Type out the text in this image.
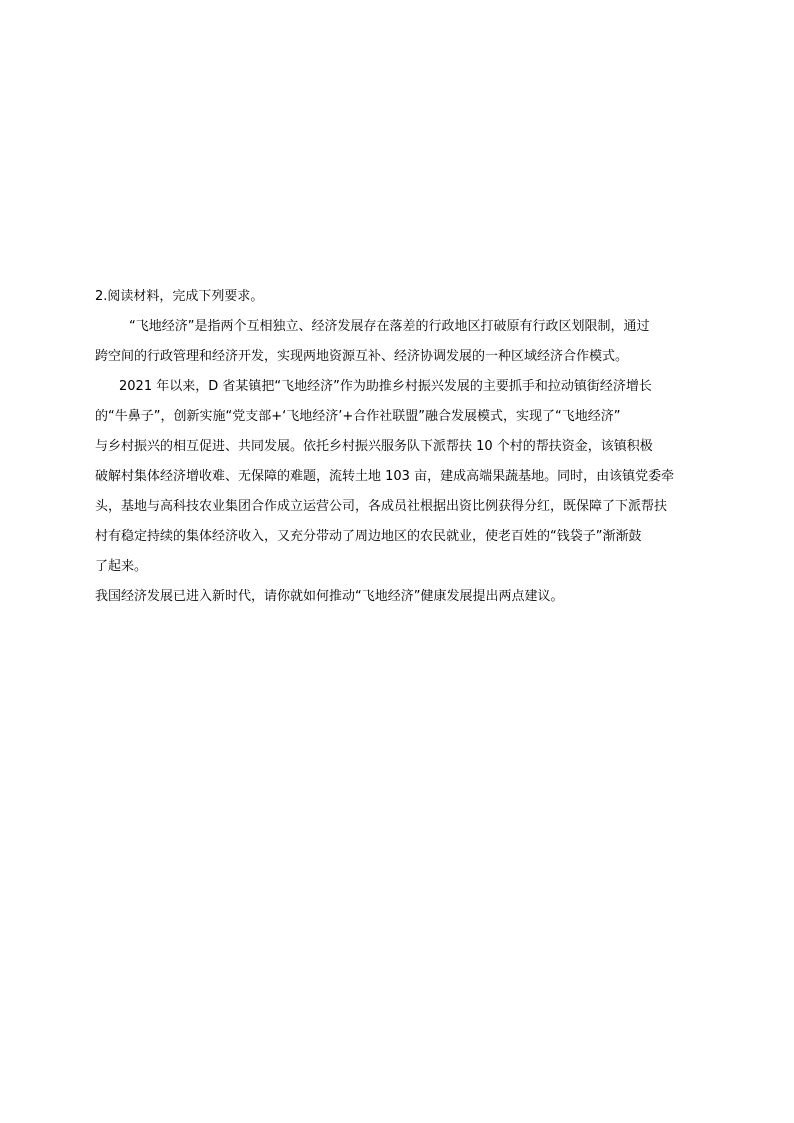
2.阅读材料，完成下列要求。
“飞地经济”是指两个互相独立、经济发展存在落差的行政地区打破原有行政区划限制，通过
跨空间的行政管理和经济开发，实现两地资源互补、经济协调发展的一种区域经济合作模式。
2021 年以来，D 省某镇把“飞地经济”作为助推乡村振兴发展的主要抓手和拉动镇街经济增长
的“牛鼻子”，创新实施“党支部+‘飞地经济’+合作社联盟”融合发展模式，实现了“飞地经济”
与乡村振兴的相互促进、共同发展。依托乡村振兴服务队下派帮扶 10 个村的帮扶资金，该镇积极
破解村集体经济增收难、无保障的难题，流转土地 103 亩，建成高端果蔬基地。同时，由该镇党委牵
头，基地与高科技农业集团合作成立运营公司，各成员社根据出资比例获得分红，既保障了下派帮扶
村有稳定持续的集体经济收入，又充分带动了周边地区的农民就业，使老百姓的“钱袋子”渐渐鼓
了起来。
我国经济发展已进入新时代，请你就如何推动“飞地经济”健康发展提出两点建议。
